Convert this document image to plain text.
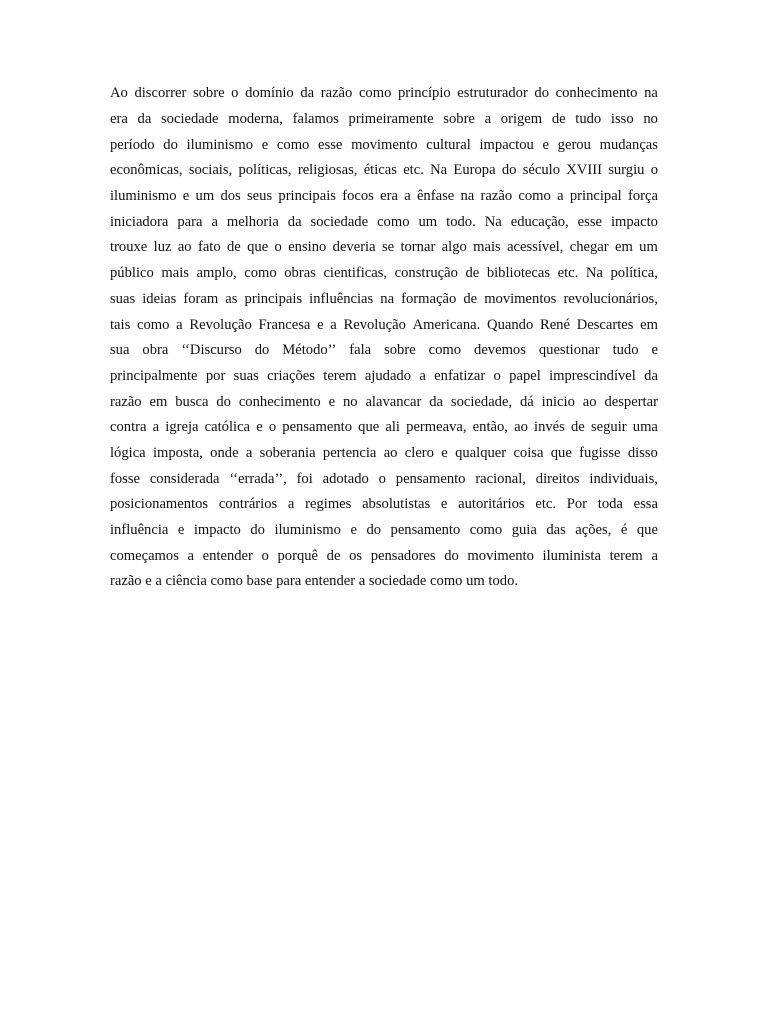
Ao discorrer sobre o domínio da razão como princípio estruturador do conhecimento na
era da sociedade moderna, falamos primeiramente sobre a origem de tudo isso no
período do iluminismo e como esse movimento cultural impactou e gerou mudanças
econômicas, sociais, políticas, religiosas, éticas etc. Na Europa do século XVIII surgiu o
iluminismo e um dos seus principais focos era a ênfase na razão como a principal força
iniciadora para a melhoria da sociedade como um todo. Na educação, esse impacto
trouxe luz ao fato de que o ensino deveria se tornar algo mais acessível, chegar em um
público mais amplo, como obras cientificas, construção de bibliotecas etc. Na política,
suas ideias foram as principais influências na formação de movimentos revolucionários,
tais como a Revolução Francesa e a Revolução Americana. Quando René Descartes em
sua obra ‘‘Discurso do Método’’ fala sobre como devemos questionar tudo e
principalmente por suas criações terem ajudado a enfatizar o papel imprescindível da
razão em busca do conhecimento e no alavancar da sociedade, dá inicio ao despertar
contra a igreja católica e o pensamento que ali permeava, então, ao invés de seguir uma
lógica imposta, onde a soberania pertencia ao clero e qualquer coisa que fugisse disso
fosse considerada ‘‘errada’’, foi adotado o pensamento racional, direitos individuais,
posicionamentos contrários a regimes absolutistas e autoritários etc. Por toda essa
influência e impacto do iluminismo e do pensamento como guia das ações, é que
começamos a entender o porquê de os pensadores do movimento iluminista terem a
razão e a ciência como base para entender a sociedade como um todo.
